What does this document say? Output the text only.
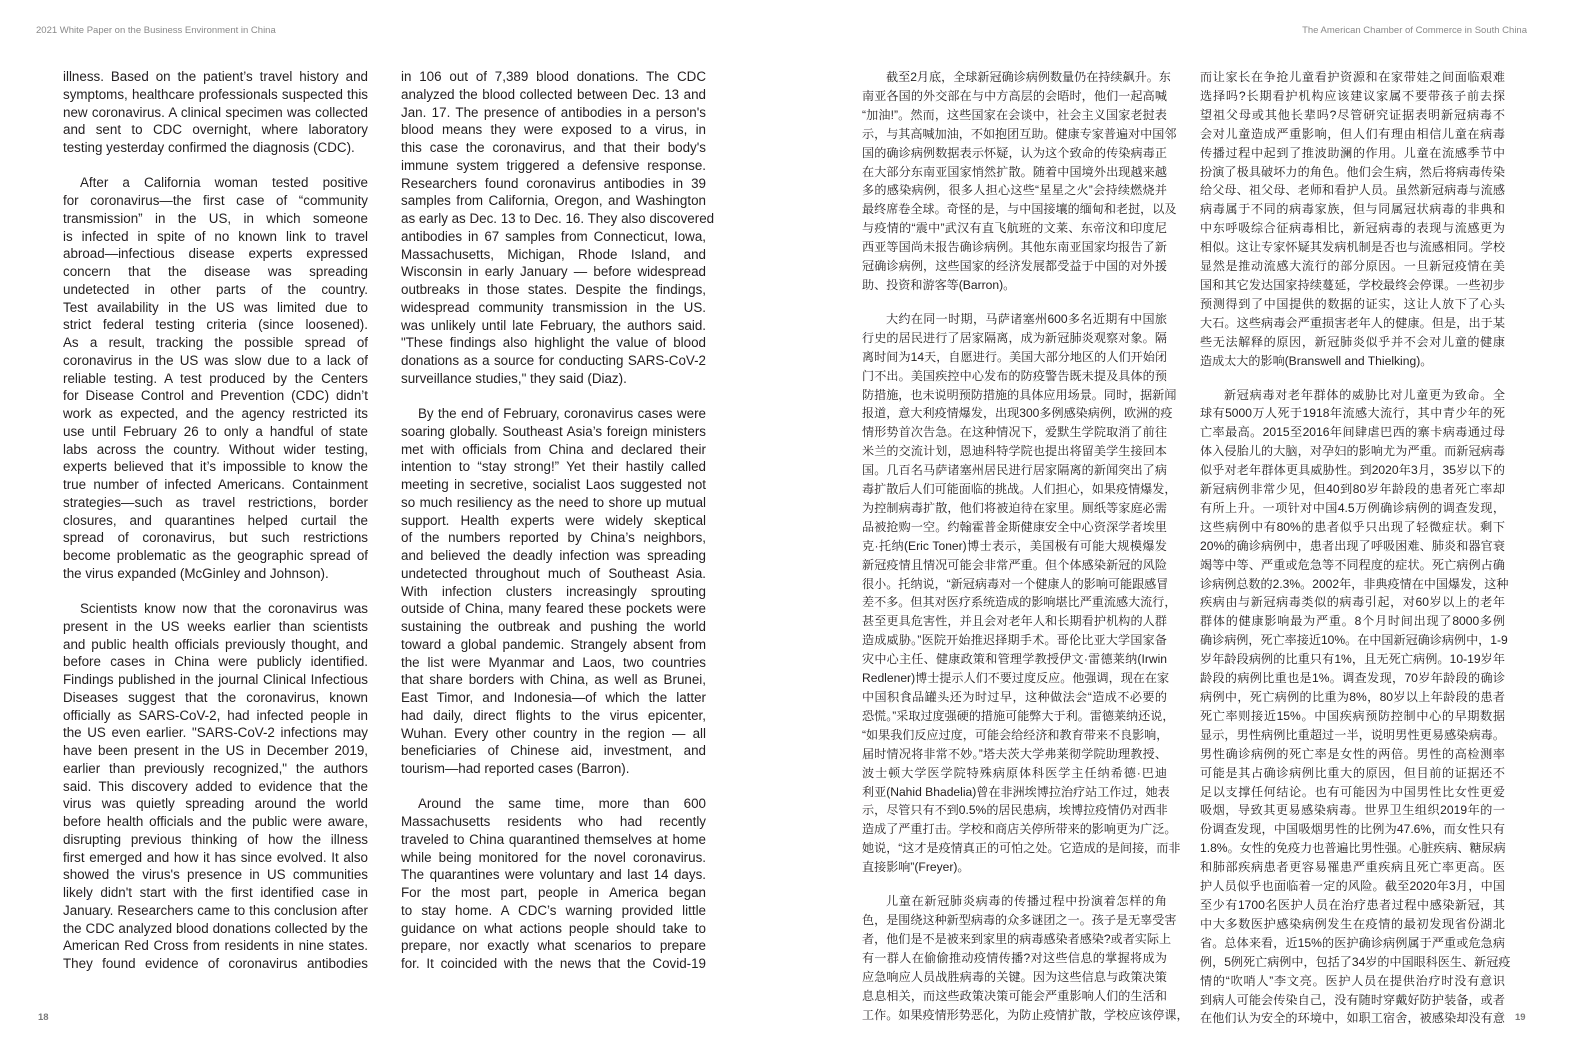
2021 White Paper on the Business Environment in China	The American Chamber of Commerce in South China
illness. Based on the patient’s travel history and
symptoms, healthcare professionals suspected this
new coronavirus. A clinical specimen was collected
and sent to CDC overnight, where laboratory
testing yesterday confirmed the diagnosis (CDC).
After a California woman tested positive
for coronavirus—the first case of “community
transmission” in the US, in which someone
is infected in spite of no known link to travel
abroad—infectious disease experts expressed
concern that the disease was spreading
undetected in other parts of the country.
Test availability in the US was limited due to
strict federal testing criteria (since loosened).
As a result, tracking the possible spread of
coronavirus in the US was slow due to a lack of
reliable testing. A test produced by the Centers
for Disease Control and Prevention (CDC) didn’t
work as expected, and the agency restricted its
use until February 26 to only a handful of state
labs across the country. Without wider testing,
experts believed that it’s impossible to know the
true number of infected Americans. Containment
strategies—such as travel restrictions, border
closures, and quarantines helped curtail the
spread of coronavirus, but such restrictions
become problematic as the geographic spread of
the virus expanded (McGinley and Johnson).
Scientists know now that the coronavirus was
present in the US weeks earlier than scientists
and public health officials previously thought, and
before cases in China were publicly identified.
Findings published in the journal Clinical Infectious
Diseases suggest that the coronavirus, known
officially as SARS-CoV-2, had infected people in
the US even earlier. "SARS-CoV-2 infections may
have been present in the US in December 2019,
earlier than previously recognized," the authors
said. This discovery added to evidence that the
virus was quietly spreading around the world
before health officials and the public were aware,
disrupting previous thinking of how the illness
first emerged and how it has since evolved. It also
showed the virus's presence in US communities
likely didn't start with the first identified case in
January. Researchers came to this conclusion after
the CDC analyzed blood donations collected by the
American Red Cross from residents in nine states.
They found evidence of coronavirus antibodies
in 106 out of 7,389 blood donations. The CDC
analyzed the blood collected between Dec. 13 and
Jan. 17. The presence of antibodies in a person's
blood means they were exposed to a virus, in
this case the coronavirus, and that their body's
immune system triggered a defensive response.
Researchers found coronavirus antibodies in 39
samples from California, Oregon, and Washington
as early as Dec. 13 to Dec. 16. They also discovered
antibodies in 67 samples from Connecticut, Iowa,
Massachusetts, Michigan, Rhode Island, and
Wisconsin in early January — before widespread
outbreaks in those states. Despite the findings,
widespread community transmission in the US.
was unlikely until late February, the authors said.
"These findings also highlight the value of blood
donations as a source for conducting SARS-CoV-2
surveillance studies," they said (Diaz).
By the end of February, coronavirus cases were
soaring globally. Southeast Asia’s foreign ministers
met with officials from China and declared their
intention to “stay strong!” Yet their hastily called
meeting in secretive, socialist Laos suggested not
so much resiliency as the need to shore up mutual
support. Health experts were widely skeptical
of the numbers reported by China’s neighbors,
and believed the deadly infection was spreading
undetected throughout much of Southeast Asia.
With infection clusters increasingly sprouting
outside of China, many feared these pockets were
sustaining the outbreak and pushing the world
toward a global pandemic. Strangely absent from
the list were Myanmar and Laos, two countries
that share borders with China, as well as Brunei,
East Timor, and Indonesia—of which the latter
had daily, direct flights to the virus epicenter,
Wuhan. Every other country in the region — all
beneficiaries of Chinese aid, investment, and
tourism—had reported cases (Barron).
Around the same time, more than 600
Massachusetts residents who had recently
traveled to China quarantined themselves at home
while being monitored for the novel coronavirus.
The quarantines were voluntary and last 14 days.
For the most part, people in America began
to stay home. A CDC’s warning provided little
guidance on what actions people should take to
prepare, nor exactly what scenarios to prepare
for. It coincided with the news that the Covid-19
截至2月底，全球新冠确诊病例数量仍在持续飙升。东
南亚各国的外交部在与中方高层的会晤时，他们一起高喊
“加油!”。然而，这些国家在会谈中，社会主义国家老挝表
示，与其高喊加油，不如抱团互助。健康专家普遍对中国邻
国的确诊病例数据表示怀疑，认为这个致命的传染病毒正
在大部分东南亚国家悄然扩散。随着中国境外出现越来越
多的感染病例，很多人担心这些“星星之火”会持续燃烧并
最终席卷全球。奇怪的是，与中国接壤的缅甸和老挝，以及
与疫情的“震中”武汉有直飞航班的文莱、东帝汶和印度尼
西亚等国尚未报告确诊病例。其他东南亚国家均报告了新
冠确诊病例，这些国家的经济发展都受益于中国的对外援
助、投资和游客等(Barron)。
大约在同一时期，马萨诸塞州600多名近期有中国旅
行史的居民进行了居家隔离，成为新冠肺炎观察对象。隔
离时间为14天，自愿进行。美国大部分地区的人们开始闭
门不出。美国疾控中心发布的防疫警告既未提及具体的预
防措施，也未说明预防措施的具体应用场景。同时，据新闻
报道，意大利疫情爆发，出现300多例感染病例，欧洲的疫
情形势首次告急。在这种情况下，爱默生学院取消了前往
米兰的交流计划，恩迪科特学院也提出将留美学生接回本
国。几百名马萨诸塞州居民进行居家隔离的新闻突出了病
毒扩散后人们可能面临的挑战。人们担心，如果疫情爆发，
为控制病毒扩散，他们将被迫待在家里。厕纸等家庭必需
品被抢购一空。约翰霍普金斯健康安全中心资深学者埃里
克·托纳(Eric Toner)博士表示，美国极有可能大规模爆发
新冠疫情且情况可能会非常严重。但个体感染新冠的风险
很小。托纳说，“新冠病毒对一个健康人的影响可能跟感冒
差不多。但其对医疗系统造成的影响堪比严重流感大流行，
甚至更具危害性，并且会对老年人和长期看护机构的人群
造成威胁。”医院开始推迟择期手术。哥伦比亚大学国家备
灾中心主任、健康政策和管理学教授伊文·雷德莱纳(Irwin
Redlener)博士提示人们不要过度反应。他强调，现在在家
中国积食品罐头还为时过早，这种做法会“造成不必要的
恐慌。”采取过度强硬的措施可能弊大于利。雷德莱纳还说，
“如果我们反应过度，可能会给经济和教育带来不良影响，
届时情况将非常不妙。”塔夫茨大学弗莱彻学院助理教授、
波士顿大学医学院特殊病原体科医学主任纳希德·巴迪
利亚(Nahid Bhadelia)曾在非洲埃博拉治疗站工作过，她表
示，尽管只有不到0.5%的居民患病，埃博拉疫情仍对西非
造成了严重打击。学校和商店关停所带来的影响更为广泛。
她说，“这才是疫情真正的可怕之处。它造成的是间接，而非
直接影响”(Freyer)。
儿童在新冠肺炎病毒的传播过程中扮演着怎样的角
色，是围绕这种新型病毒的众多谜团之一。孩子是无辜受害
者，他们是不是被来到家里的病毒感染者感染?或者实际上
有一群人在偷偷推动疫情传播?对这些信息的掌握将成为
应急响应人员战胜病毒的关键。因为这些信息与政策决策
息息相关，而这些政策决策可能会严重影响人们的生活和
工作。如果疫情形势恶化，为防止疫情扩散，学校应该停课，
而让家长在争抢儿童看护资源和在家带娃之间面临艰难
选择吗?长期看护机构应该建议家属不要带孩子前去探
望祖父母或其他长辈吗?尽管研究证据表明新冠病毒不
会对儿童造成严重影响，但人们有理由相信儿童在病毒
传播过程中起到了推波助澜的作用。儿童在流感季节中
扮演了极具破坏力的角色。他们会生病，然后将病毒传染
给父母、祖父母、老师和看护人员。虽然新冠病毒与流感
病毒属于不同的病毒家族，但与同属冠状病毒的非典和
中东呼吸综合征病毒相比，新冠病毒的表现与流感更为
相似。这让专家怀疑其发病机制是否也与流感相同。学校
显然是推动流感大流行的部分原因。一旦新冠疫情在美
国和其它发达国家持续蔓延，学校最终会停课。一些初步
预测得到了中国提供的数据的证实，这让人放下了心头
大石。这些病毒会严重损害老年人的健康。但是，出于某
些无法解释的原因，新冠肺炎似乎并不会对儿童的健康
造成太大的影响(Branswell and Thielking)。
新冠病毒对老年群体的威胁比对儿童更为致命。全
球有5000万人死于1918年流感大流行，其中青少年的死
亡率最高。2015至2016年间肆虐巴西的寨卡病毒通过母
体入侵胎儿的大脑，对孕妇的影响尤为严重。而新冠病毒
似乎对老年群体更具威胁性。到2020年3月，35岁以下的
新冠病例非常少见，但40到80岁年龄段的患者死亡率却
有所上升。一项针对中国4.5万例确诊病例的调查发现，
这些病例中有80%的患者似乎只出现了轻微症状。剩下
20%的确诊病例中，患者出现了呼吸困难、肺炎和器官衰
竭等中等、严重或危急等不同程度的症状。死亡病例占确
诊病例总数的2.3%。2002年，非典疫情在中国爆发，这种
疾病由与新冠病毒类似的病毒引起，对60岁以上的老年
群体的健康影响最为严重。8个月时间出现了8000多例
确诊病例，死亡率接近10%。在中国新冠确诊病例中，1-9
岁年龄段病例的比重只有1%，且无死亡病例。10-19岁年
龄段的病例比重也是1%。调查发现，70岁年龄段的确诊
病例中，死亡病例的比重为8%，80岁以上年龄段的患者
死亡率则接近15%。中国疾病预防控制中心的早期数据
显示，男性病例比重超过一半，说明男性更易感染病毒。
男性确诊病例的死亡率是女性的两倍。男性的高检测率
可能是其占确诊病例比重大的原因，但目前的证据还不
足以支撑任何结论。也有可能因为中国男性比女性更爱
吸烟，导致其更易感染病毒。世界卫生组织2019年的一
份调查发现，中国吸烟男性的比例为47.6%，而女性只有
1.8%。女性的免疫力也普遍比男性强。心脏疾病、糖尿病
和肺部疾病患者更容易罹患严重疾病且死亡率更高。医
护人员似乎也面临着一定的风险。截至2020年3月，中国
至少有1700名医护人员在治疗患者过程中感染新冠，其
中大多数医护感染病例发生在疫情的最初发现省份湖北
省。总体来看，近15%的医护确诊病例属于严重或危急病
例，5例死亡病例中，包括了34岁的中国眼科医生、新冠疫
情的“吹哨人”李文亮。医护人员在提供治疗时没有意识
到病人可能会传染自己，没有随时穿戴好防护装备，或者
在他们认为安全的环境中，如职工宿舍，被感染却没有意
18	19
